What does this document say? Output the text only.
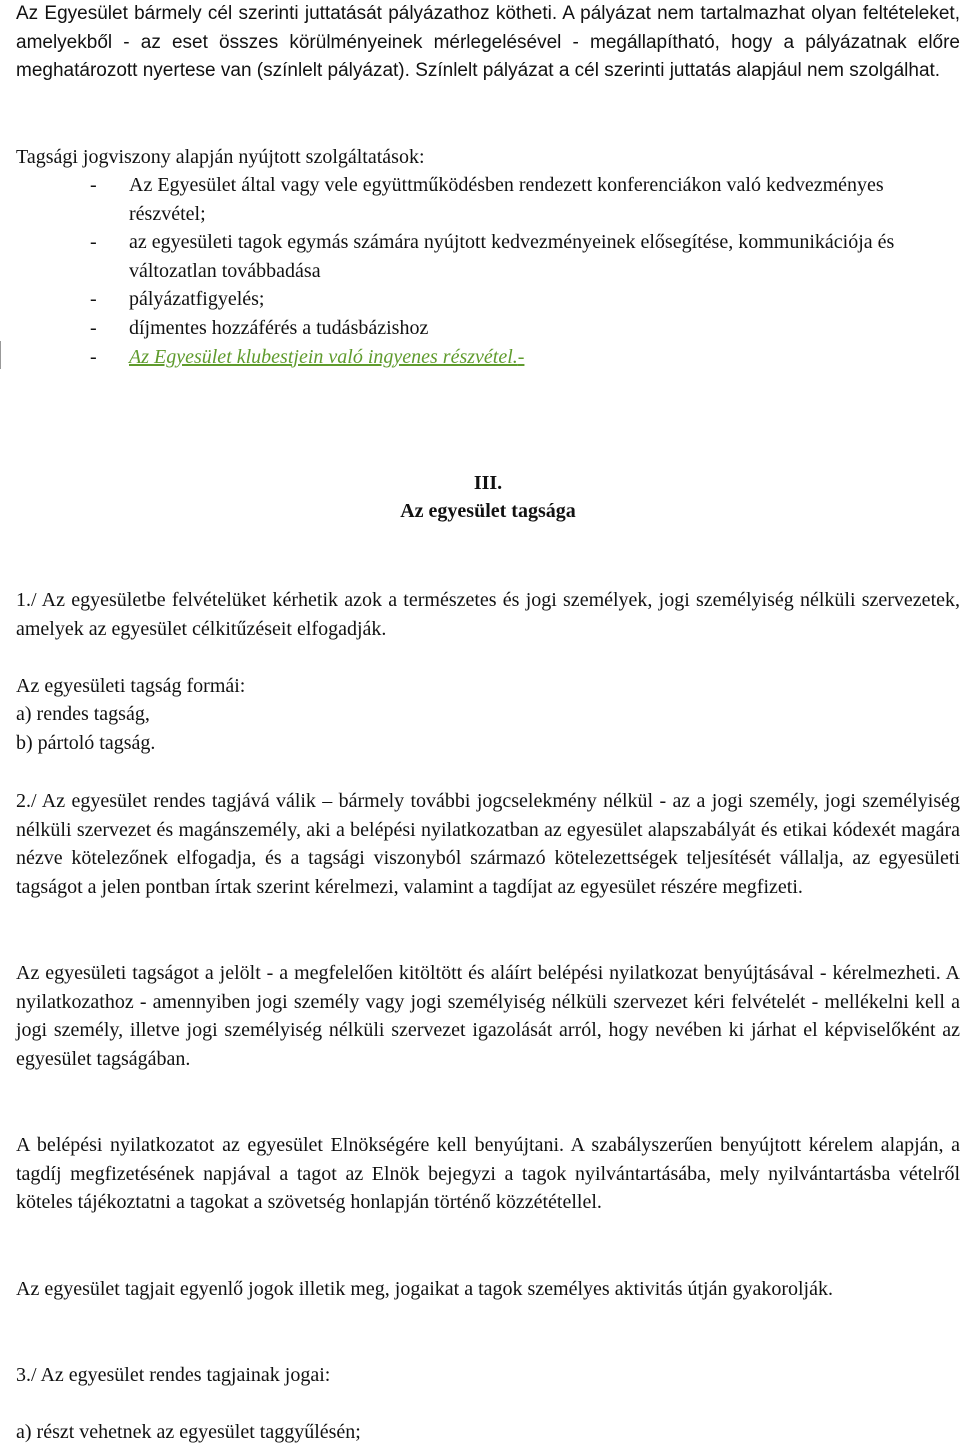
Az Egyesület bármely cél szerinti juttatását pályázathoz kötheti. A pályázat nem tartalmazhat olyan feltételeket, amelyekből - az eset összes körülményeinek mérlegelésével - megállapítható, hogy a pályázatnak előre meghatározott nyertese van (színlelt pályázat). Színlelt pályázat a cél szerinti juttatás alapjául nem szolgálhat.

Tagsági jogviszony alapján nyújtott szolgáltatások:

- Az Egyesület által vagy vele együttműködésben rendezett konferenciákon való kedvezményes részvétel;
- az egyesületi tagok egymás számára nyújtott kedvezményeinek elősegítése, kommunikációja és változatlan továbbadása
- pályázatfigyelés;
- díjmentes hozzáférés a tudásbázishoz
- Az Egyesület klubestjein való ingyenes részvétel.-

III.

Az egyesület tagsága

1./ Az egyesületbe felvételüket kérhetik azok a természetes és jogi személyek, jogi személyiség nélküli szervezetek, amelyek az egyesület célkitűzéseit elfogadják.

Az egyesületi tagság formái:

a) rendes tagság,

b) pártoló tagság.

2./ Az egyesület rendes tagjává válik – bármely további jogcselekmény nélkül - az a jogi személy, jogi személyiség nélküli szervezet és magánszemély, aki a belépési nyilatkozatban az egyesület alapszabályát és etikai kódexét magára nézve kötelezőnek elfogadja, és a tagsági viszonyból származó kötelezettségek teljesítését vállalja, az egyesületi tagságot a jelen pontban írtak szerint kérelmezi, valamint a tagdíjat az egyesület részére megfizeti.

Az egyesületi tagságot a jelölt - a megfelelően kitöltött és aláírt belépési nyilatkozat benyújtásával - kérelmezheti. A nyilatkozathoz - amennyiben jogi személy vagy jogi személyiség nélküli szervezet kéri felvételét - mellékelni kell a jogi személy, illetve jogi személyiség nélküli szervezet igazolását arról, hogy nevében ki járhat el képviselőként az egyesület tagságában.

A belépési nyilatkozatot az egyesület Elnökségére kell benyújtani. A szabályszerűen benyújtott kérelem alapján, a tagdíj megfizetésének napjával a tagot az Elnök bejegyzi a tagok nyilvántartásába, mely nyilvántartásba vételről köteles tájékoztatni a tagokat a szövetség honlapján történő közzététellel.

Az egyesület tagjait egyenlő jogok illetik meg, jogaikat a tagok személyes aktivitás útján gyakorolják.

3./ Az egyesület rendes tagjainak jogai:

a) részt vehetnek az egyesület taggyűlésén;
